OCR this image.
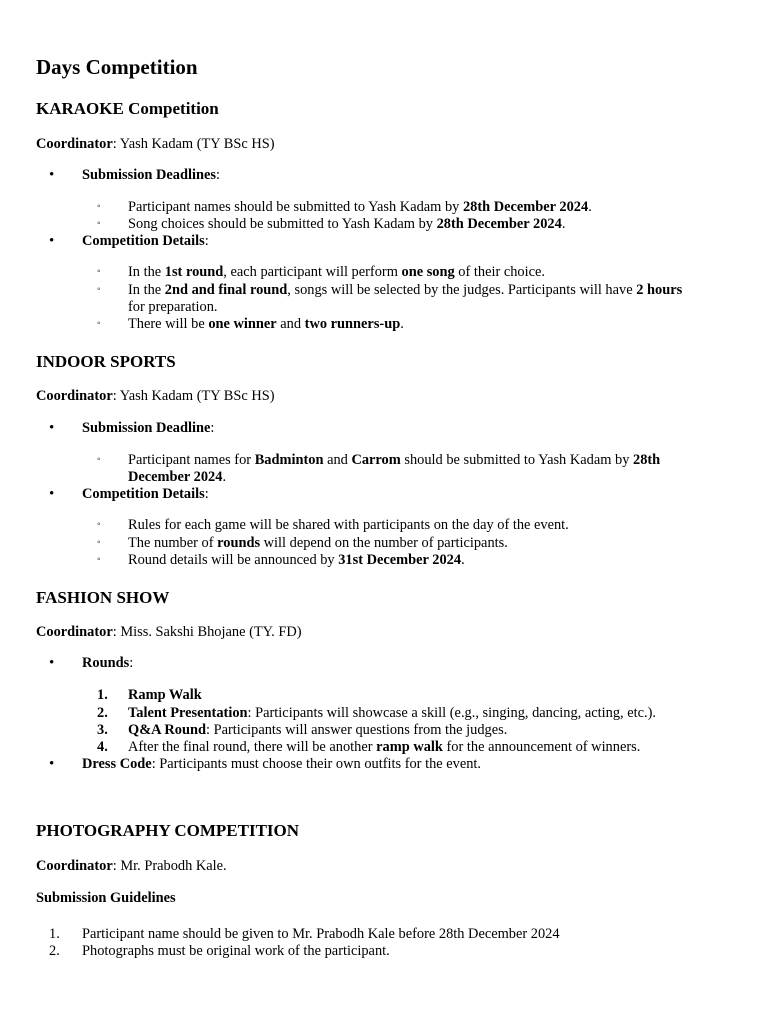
Days Competition
KARAOKE Competition
Coordinator: Yash Kadam (TY BSc HS)
• Submission Deadlines:
◦ Participant names should be submitted to Yash Kadam by 28th December 2024.
◦ Song choices should be submitted to Yash Kadam by 28th December 2024.
• Competition Details:
◦ In the 1st round, each participant will perform one song of their choice.
◦ In the 2nd and final round, songs will be selected by the judges. Participants will have 2 hours
for preparation.
◦ There will be one winner and two runners-up.
INDOOR SPORTS
Coordinator: Yash Kadam (TY BSc HS)
• Submission Deadline:
◦ Participant names for Badminton and Carrom should be submitted to Yash Kadam by 28th
December 2024.
• Competition Details:
◦ Rules for each game will be shared with participants on the day of the event.
◦ The number of rounds will depend on the number of participants.
◦ Round details will be announced by 31st December 2024.
FASHION SHOW
Coordinator: Miss. Sakshi Bhojane (TY. FD)
• Rounds:
1. Ramp Walk
2. Talent Presentation: Participants will showcase a skill (e.g., singing, dancing, acting, etc.).
3. Q&A Round: Participants will answer questions from the judges.
4. After the final round, there will be another ramp walk for the announcement of winners.
• Dress Code: Participants must choose their own outfits for the event.
PHOTOGRAPHY COMPETITION
Coordinator: Mr. Prabodh Kale.
Submission Guidelines
1. Participant name should be given to Mr. Prabodh Kale before 28th December 2024
2. Photographs must be original work of the participant.
